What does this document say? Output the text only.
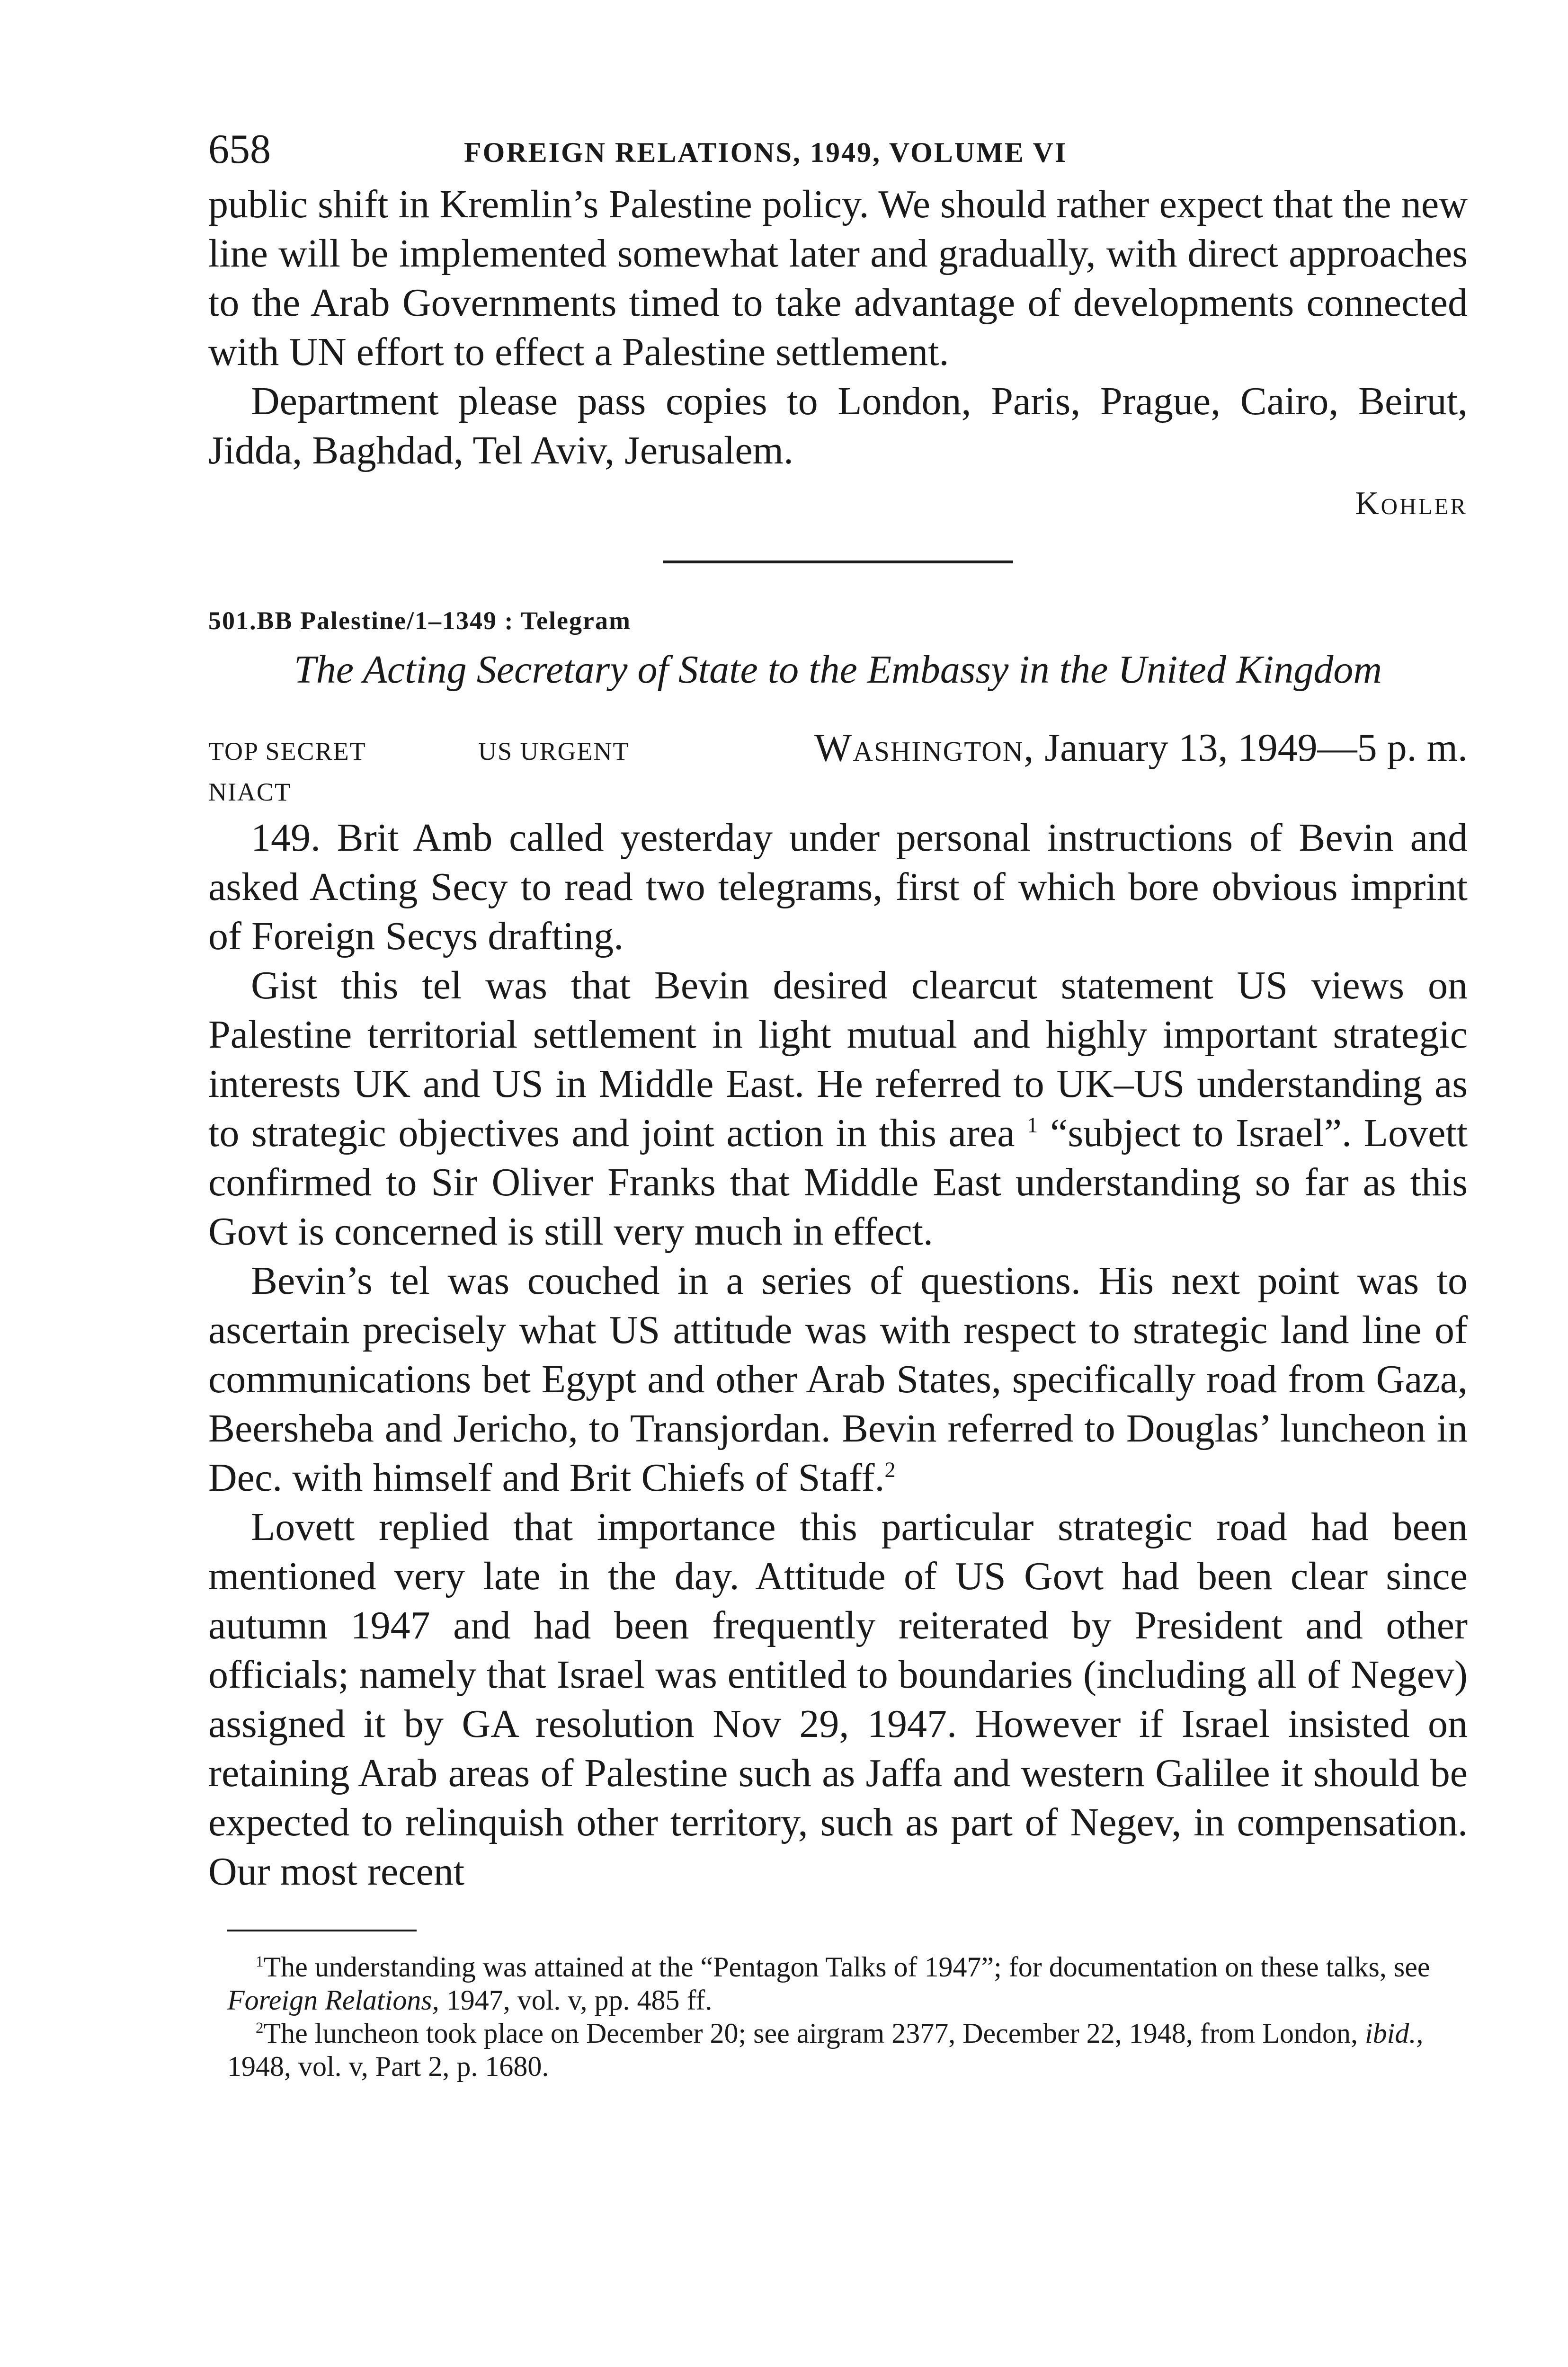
658	FOREIGN RELATIONS, 1949, VOLUME VI

public shift in Kremlin’s Palestine policy. We should rather expect that the new line will be implemented somewhat later and gradually, with direct approaches to the Arab Governments timed to take advantage of developments connected with UN effort to effect a Palestine settlement.

Department please pass copies to London, Paris, Prague, Cairo, Beirut, Jidda, Baghdad, Tel Aviv, Jerusalem.

Kohler
501.BB Palestine/1–1349 : Telegram
The Acting Secretary of State to the Embassy in the United Kingdom
TOP SECRET	US URGENT	Washington, January 13, 1949—5 p. m.
NIACT

149. Brit Amb called yesterday under personal instructions of Bevin and asked Acting Secy to read two telegrams, first of which bore obvious imprint of Foreign Secys drafting.

Gist this tel was that Bevin desired clearcut statement US views on Palestine territorial settlement in light mutual and highly important strategic interests UK and US in Middle East. He referred to UK–US understanding as to strategic objectives and joint action in this area $^1$ “subject to Israel”. Lovett confirmed to Sir Oliver Franks that Middle East understanding so far as this Govt is concerned is still very much in effect.

Bevin’s tel was couched in a series of questions. His next point was to ascertain precisely what US attitude was with respect to strategic land line of communications bet Egypt and other Arab States, specifically road from Gaza, Beersheba and Jericho, to Transjordan. Bevin referred to Douglas’ luncheon in Dec. with himself and Brit Chiefs of Staff.$^2$

Lovett replied that importance this particular strategic road had been mentioned very late in the day. Attitude of US Govt had been clear since autumn 1947 and had been frequently reiterated by President and other officials; namely that Israel was entitled to boundaries (including all of Negev) assigned it by GA resolution Nov 29, 1947. However if Israel insisted on retaining Arab areas of Palestine such as Jaffa and western Galilee it should be expected to relinquish other territory, such as part of Negev, in compensation. Our most recent

$^1$The understanding was attained at the “Pentagon Talks of 1947”; for documentation on these talks, see Foreign Relations, 1947, vol. v, pp. 485 ff.

$^2$The luncheon took place on December 20; see airgram 2377, December 22, 1948, from London, ibid., 1948, vol. v, Part 2, p. 1680.
